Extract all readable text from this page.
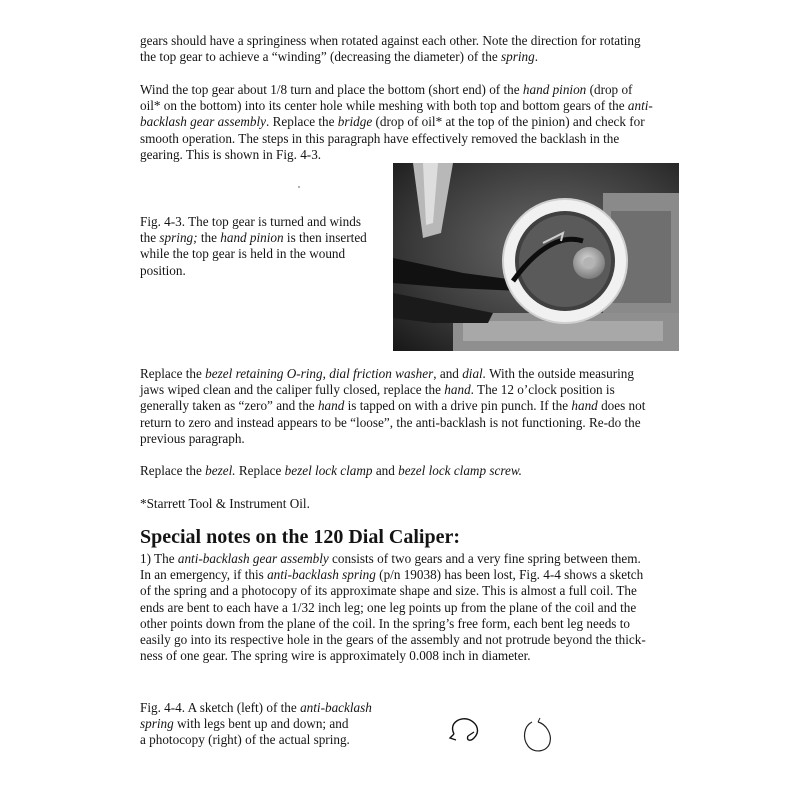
gears should have a springiness when rotated against each other. Note the direction for rotating
the top gear to achieve a “winding” (decreasing the diameter) of the spring.

Wind the top gear about 1/8 turn and place the bottom (short end) of the hand pinion (drop of
oil* on the bottom) into its center hole while meshing with both top and bottom gears of the anti-
backlash gear assembly. Replace the bridge (drop of oil* at the top of the pinion) and check for
smooth operation. The steps in this paragraph have effectively removed the backlash in the
gearing. This is shown in Fig. 4-3.

Fig. 4-3. The top gear is turned and winds
the spring; the hand pinion is then inserted
while the top gear is held in the wound
position.

Replace the bezel retaining O-ring, dial friction washer, and dial. With the outside measuring
jaws wiped clean and the caliper fully closed, replace the hand. The 12 o’clock position is
generally taken as “zero” and the hand is tapped on with a drive pin punch. If the hand does not
return to zero and instead appears to be “loose”, the anti-backlash is not functioning. Re-do the
previous paragraph.

Replace the bezel. Replace bezel lock clamp and bezel lock clamp screw.

*Starrett Tool & Instrument Oil.

Special notes on the 120 Dial Caliper:

1) The anti-backlash gear assembly consists of two gears and a very fine spring between them.
In an emergency, if this anti-backlash spring (p/n 19038) has been lost, Fig. 4-4 shows a sketch
of the spring and a photocopy of its approximate shape and size. This is almost a full coil. The
ends are bent to each have a 1/32 inch leg; one leg points up from the plane of the coil and the
other points down from the plane of the coil. In the spring’s free form, each bent leg needs to
easily go into its respective hole in the gears of the assembly and not protrude beyond the thick-
ness of one gear. The spring wire is approximately 0.008 inch in diameter.

Fig. 4-4. A sketch (left) of the anti-backlash
spring with legs bent up and down; and
a photocopy (right) of the actual spring.
